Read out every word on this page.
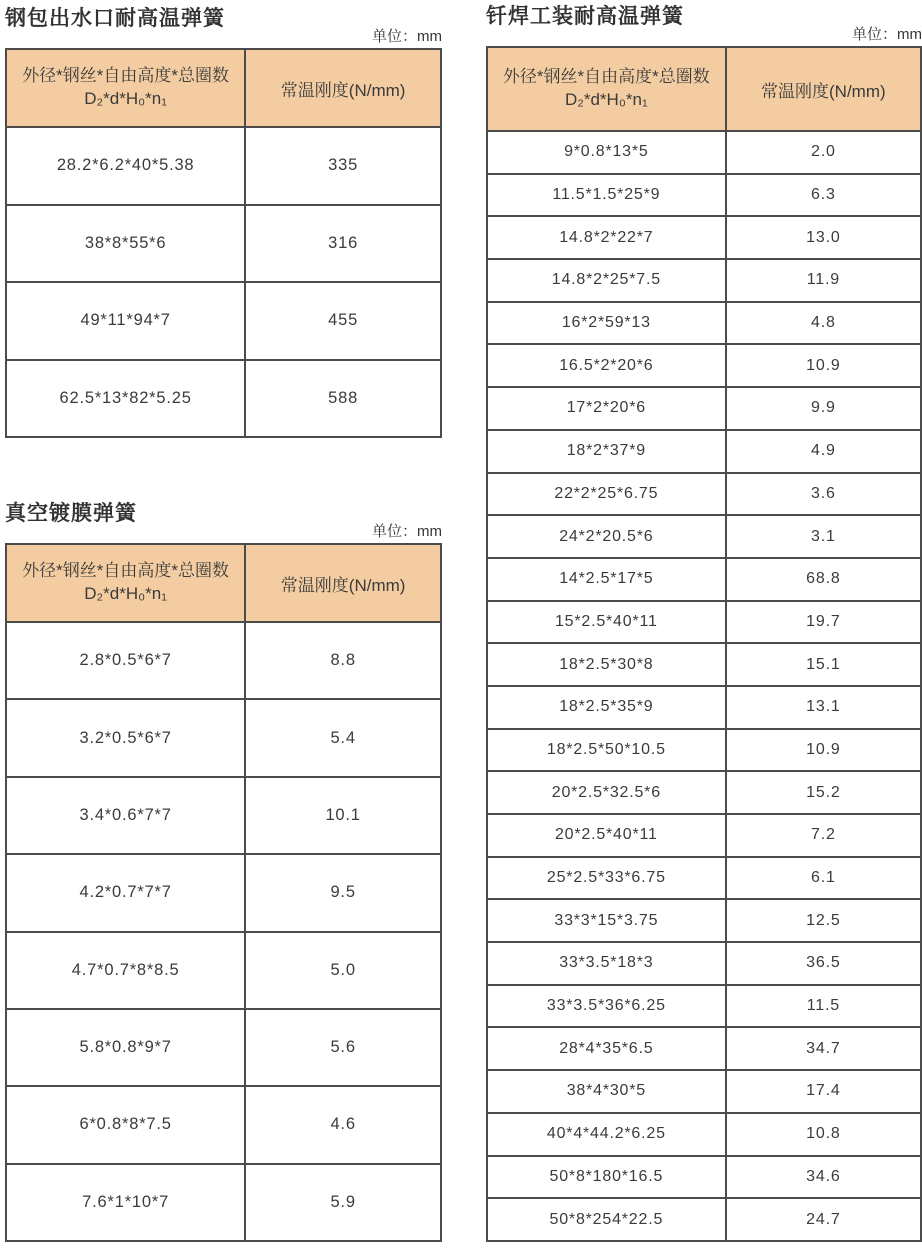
钢包出水口耐高温弹簧
单位：mm
外径*钢丝*自由高度*总圈数
D₂*d*H₀*n₁	常温刚度(N/mm)
28.2*6.2*40*5.38	335
38*8*55*6	316
49*11*94*7	455
62.5*13*82*5.25	588
真空镀膜弹簧
单位：mm
外径*钢丝*自由高度*总圈数
D₂*d*H₀*n₁	常温刚度(N/mm)
2.8*0.5*6*7	8.8
3.2*0.5*6*7	5.4
3.4*0.6*7*7	10.1
4.2*0.7*7*7	9.5
4.7*0.7*8*8.5	5.0
5.8*0.8*9*7	5.6
6*0.8*8*7.5	4.6
7.6*1*10*7	5.9
钎焊工装耐高温弹簧
单位：mm
外径*钢丝*自由高度*总圈数
D₂*d*H₀*n₁	常温刚度(N/mm)
9*0.8*13*5	2.0
11.5*1.5*25*9	6.3
14.8*2*22*7	13.0
14.8*2*25*7.5	11.9
16*2*59*13	4.8
16.5*2*20*6	10.9
17*2*20*6	9.9
18*2*37*9	4.9
22*2*25*6.75	3.6
24*2*20.5*6	3.1
14*2.5*17*5	68.8
15*2.5*40*11	19.7
18*2.5*30*8	15.1
18*2.5*35*9	13.1
18*2.5*50*10.5	10.9
20*2.5*32.5*6	15.2
20*2.5*40*11	7.2
25*2.5*33*6.75	6.1
33*3*15*3.75	12.5
33*3.5*18*3	36.5
33*3.5*36*6.25	11.5
28*4*35*6.5	34.7
38*4*30*5	17.4
40*4*44.2*6.25	10.8
50*8*180*16.5	34.6
50*8*254*22.5	24.7
